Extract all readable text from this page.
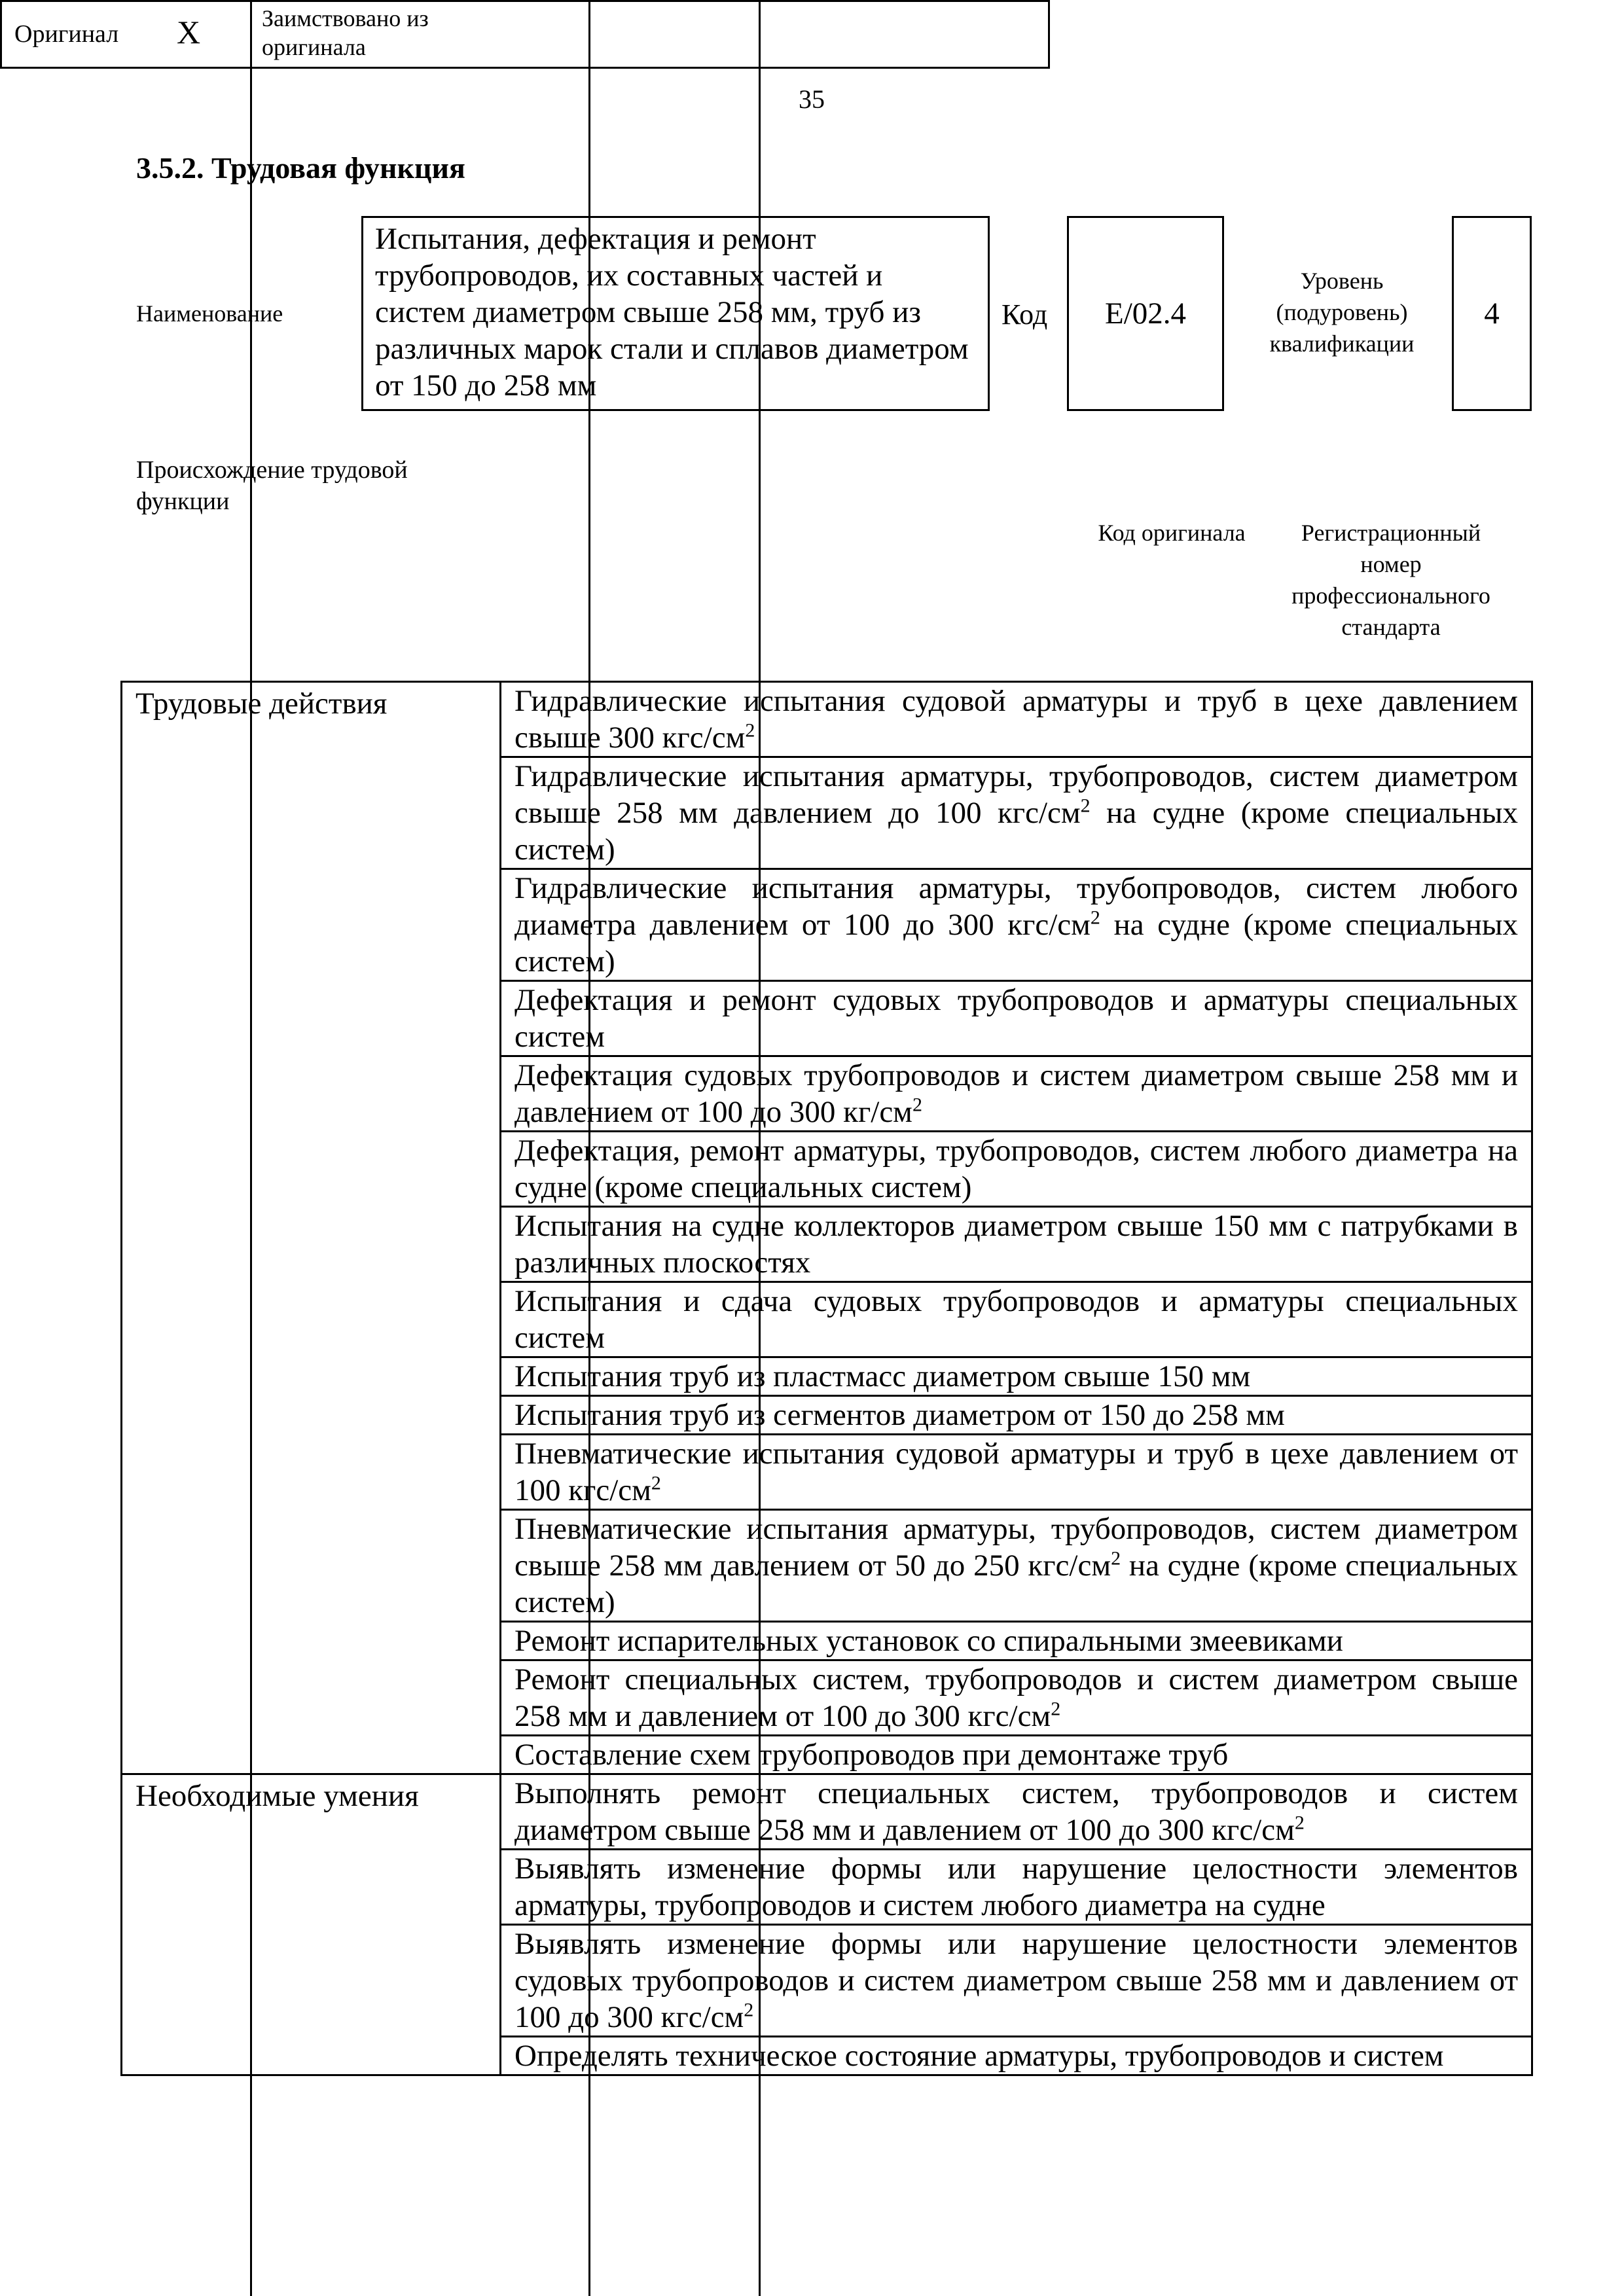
35
3.5.2. Трудовая функция
Наименование
Испытания, дефектация и ремонт трубопроводов, их составных частей и систем диаметром свыше 258 мм, труб из различных марок стали и сплавов диаметром от 150 до 258 мм
Код E/02.4
Уровень (подуровень) квалификации
4
Происхождение трудовой функции
Оригинал X	Заимствовано из оригинала
Код оригинала	Регистрационный номер профессионального стандарта
Трудовые действия	Гидравлические испытания судовой арматуры и труб в цехе давлением свыше 300 кгс/$см^2$
	Гидравлические испытания арматуры, трубопроводов, систем диаметром свыше 258 мм давлением до 100 кгс/$см^2$ на судне (кроме специальных систем)
	Гидравлические испытания арматуры, трубопроводов, систем любого диаметра давлением от 100 до 300 кгс/$см^2$ на судне (кроме специальных систем)
	Дефектация и ремонт судовых трубопроводов и арматуры специальных систем
	Дефектация судовых трубопроводов и систем диаметром свыше 258 мм и давлением от 100 до 300 $кг/см^2$
	Дефектация, ремонт арматуры, трубопроводов, систем любого диаметра на судне (кроме специальных систем)
	Испытания на судне коллекторов диаметром свыше 150 мм с патрубками в различных плоскостях
	Испытания и сдача судовых трубопроводов и арматуры специальных систем
	Испытания труб из пластмасс диаметром свыше 150 мм
	Испытания труб из сегментов диаметром от 150 до 258 мм
	Пневматические испытания судовой арматуры и труб в цехе давлением от 100 кгс/$см^2$
	Пневматические испытания арматуры, трубопроводов, систем диаметром свыше 258 мм давлением от 50 до 250 кгс/$см^2$ на судне (кроме специальных систем)
	Ремонт испарительных установок со спиральными змеевиками
	Ремонт специальных систем, трубопроводов и систем диаметром свыше 258 мм и давлением от 100 до 300 кгс/$см^2$
	Составление схем трубопроводов при демонтаже труб
Необходимые умения	Выполнять ремонт специальных систем, трубопроводов и систем диаметром свыше 258 мм и давлением от 100 до 300 кгс/$см^2$
	Выявлять изменение формы или нарушение целостности элементов арматуры, трубопроводов и систем любого диаметра на судне
	Выявлять изменение формы или нарушение целостности элементов судовых трубопроводов и систем диаметром свыше 258 мм и давлением от 100 до 300 кгс/$см^2$
	Определять техническое состояние арматуры, трубопроводов и систем
